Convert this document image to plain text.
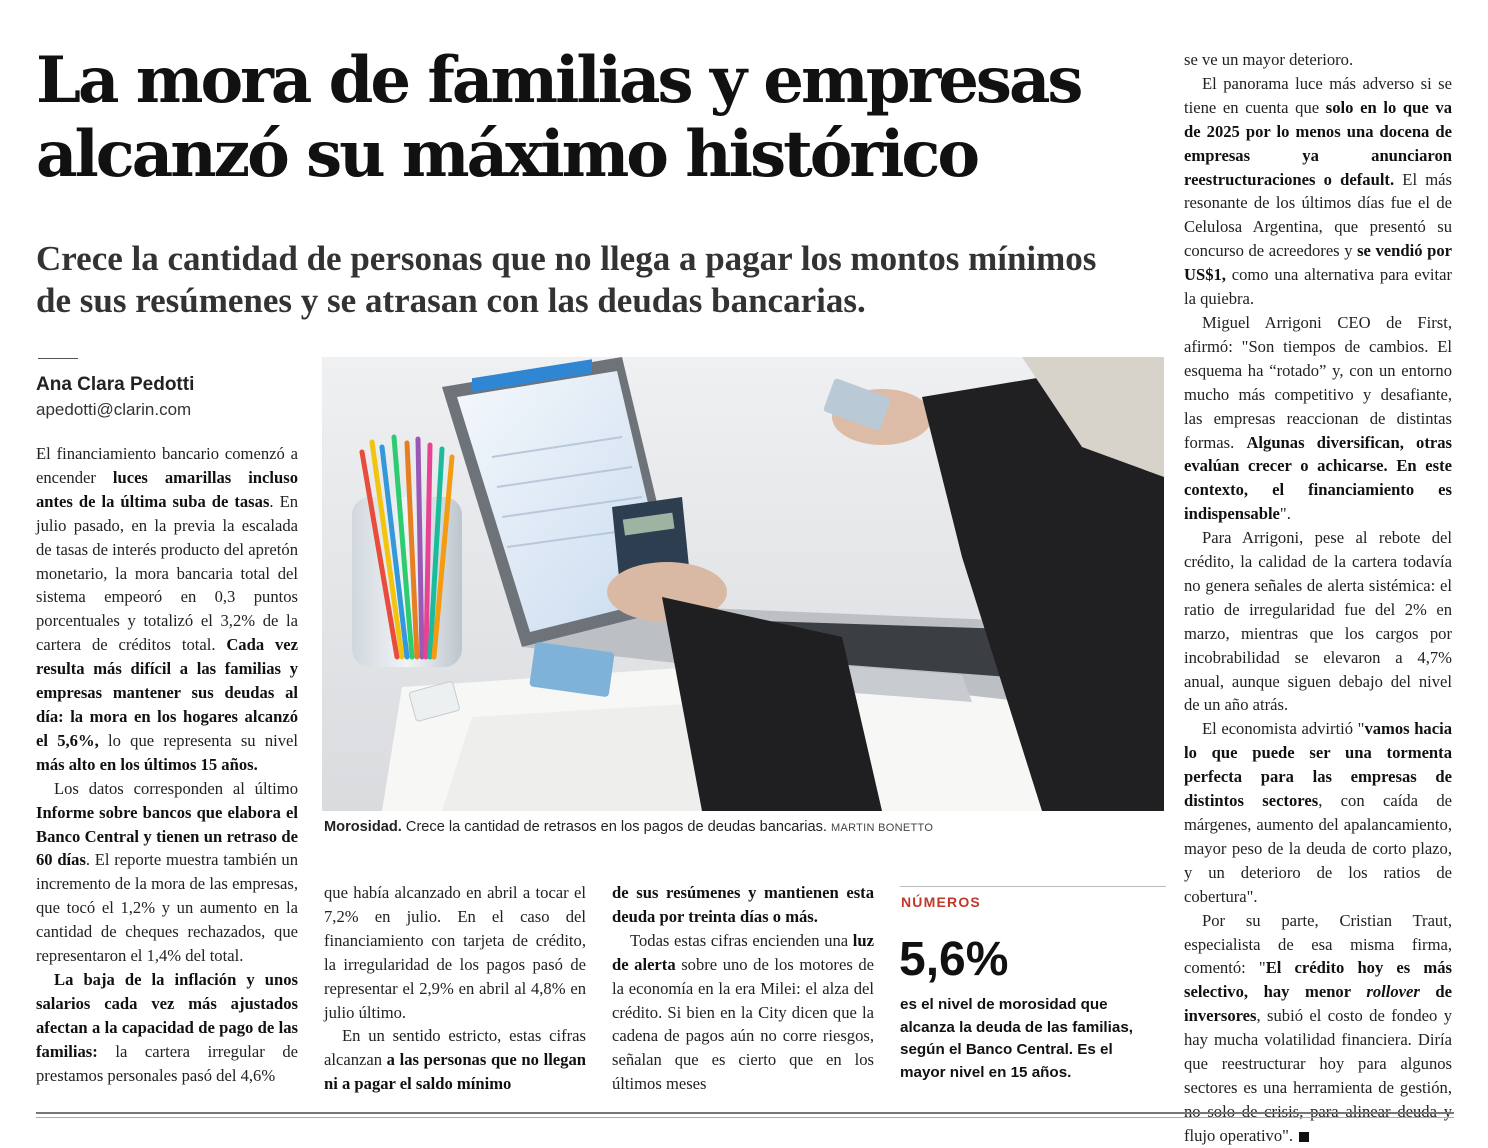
La mora de familias y empresas
alcanzó su máximo histórico
Crece la cantidad de personas que no llega a pagar los montos mínimos
de sus resúmenes y se atrasan con las deudas bancarias.
Ana Clara Pedotti
apedotti@clarin.com

El financiamiento bancario comenzó a encender luces amarillas incluso antes de la última suba de tasas. En julio pasado, en la previa la escalada de tasas de interés producto del apretón monetario, la mora bancaria total del sistema empeoró en 0,3 puntos porcentuales y totalizó el 3,2% de la cartera de créditos total. Cada vez resulta más difícil a las familias y empresas mantener sus deudas al día: la mora en los hogares alcanzó el 5,6%, lo que representa su nivel más alto en los últimos 15 años.

Los datos corresponden al último Informe sobre bancos que elabora el Banco Central y tienen un retraso de 60 días. El reporte muestra también un incremento de la mora de las empresas, que tocó el 1,2% y un aumento en la cantidad de cheques rechazados, que representaron el 1,4% del total.

La baja de la inflación y unos salarios cada vez más ajustados afectan a la capacidad de pago de las familias: la cartera irregular de prestamos personales pasó del 4,6%

Morosidad. Crece la cantidad de retrasos en los pagos de deudas bancarias. MARTIN BONETTO

que había alcanzado en abril a tocar el 7,2% en julio. En el caso del financiamiento con tarjeta de crédito, la irregularidad de los pagos pasó de representar el 2,9% en abril al 4,8% en julio último.

En un sentido estricto, estas cifras alcanzan a las personas que no llegan ni a pagar el saldo mínimo

de sus resúmenes y mantienen esta deuda por treinta días o más.

Todas estas cifras encienden una luz de alerta sobre uno de los motores de la economía en la era Milei: el alza del crédito. Si bien en la City dicen que la cadena de pagos aún no corre riesgos, señalan que es cierto que en los últimos meses

NÚMEROS
5,6%

es el nivel de morosidad que alcanza la deuda de las familias, según el Banco Central. Es el mayor nivel en 15 años.

se ve un mayor deterioro.

El panorama luce más adverso si se tiene en cuenta que solo en lo que va de 2025 por lo menos una docena de empresas ya anunciaron reestructuraciones o default. El más resonante de los últimos días fue el de Celulosa Argentina, que presentó su concurso de acreedores y se vendió por US$1, como una alternativa para evitar la quiebra.

Miguel Arrigoni CEO de First, afirmó: "Son tiempos de cambios. El esquema ha “rotado” y, con un entorno mucho más competitivo y desafiante, las empresas reaccionan de distintas formas. Algunas diversifican, otras evalúan crecer o achicarse. En este contexto, el financiamiento es indispensable".

Para Arrigoni, pese al rebote del crédito, la calidad de la cartera todavía no genera señales de alerta sistémica: el ratio de irregularidad fue del 2% en marzo, mientras que los cargos por incobrabilidad se elevaron a 4,7% anual, aunque siguen debajo del nivel de un año atrás.

El economista advirtió "vamos hacia lo que puede ser una tormenta perfecta para las empresas de distintos sectores, con caída de márgenes, aumento del apalancamiento, mayor peso de la deuda de corto plazo, y un deterioro de los ratios de cobertura".

Por su parte, Cristian Traut, especialista de esa misma firma, comentó: "El crédito hoy es más selectivo, hay menor rollover de inversores, subió el costo de fondeo y hay mucha volatilidad financiera. Diría que reestructurar hoy para algunos sectores es una herramienta de gestión, flujo operativo".
